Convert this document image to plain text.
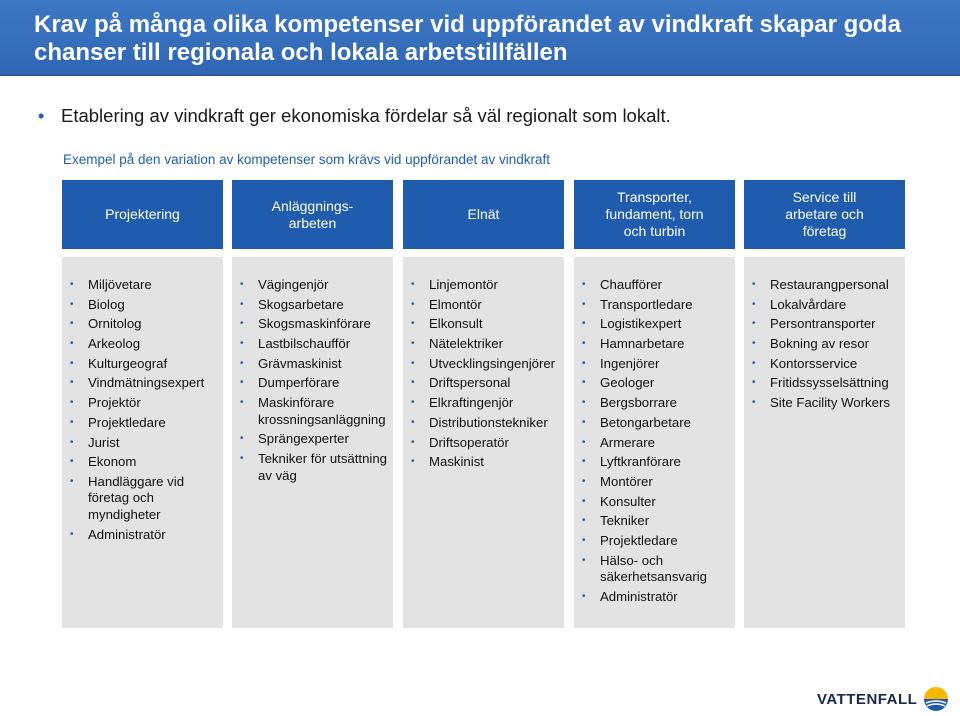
Krav på många olika kompetenser vid uppförandet av vindkraft skapar goda chanser till regionala och lokala arbetstillfällen
• Etablering av vindkraft ger ekonomiska fördelar så väl regionalt som lokalt.
Exempel på den variation av kompetenser som krävs vid uppförandet av vindkraft
Projektering
Anläggnings-
arbeten
Elnät
Transporter, fundament, torn och turbin
Service till arbetare och företag
• Miljövetare
• Biolog
• Ornitolog
• Arkeolog
• Kulturgeograf
• Vindmätningsexpert
• Projektör
• Projektledare
• Jurist
• Ekonom
• Handläggare vid företag och myndigheter
• Administratör
• Vägingenjör
• Skogsarbetare
• Skogsmaskinförare
• Lastbilschaufför
• Grävmaskinist
• Dumperförare
• Maskinförare krossningsanläggning
• Sprängexperter
• Tekniker för utsättning av väg
• Linjemontör
• Elmontör
• Elkonsult
• Nätelektriker
• Utvecklingsingenjörer
• Driftspersonal
• Elkraftingenjör
• Distributionstekniker
• Driftsoperatör
• Maskinist
• Chaufförer
• Transportledare
• Logistikexpert
• Hamnarbetare
• Ingenjörer
• Geologer
• Bergsborrare
• Betongarbetare
• Armerare
• Lyftkranförare
• Montörer
• Konsulter
• Tekniker
• Projektledare
• Hälso- och säkerhetsansvarig
• Administratör
• Restaurangpersonal
• Lokalvårdare
• Persontransporter
• Bokning av resor
• Kontorsservice
• Fritidssysselsättning
• Site Facility Workers
VATTENFALL
